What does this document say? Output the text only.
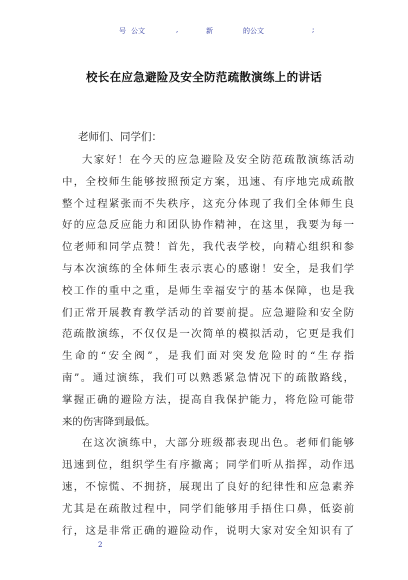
号 公文	,	新	的公文	;
校长在应急避险及安全防范疏散演练上的讲话
老师们、同学们：
大家好！在今天的应急避险及安全防范疏散演练活动
中，全校师生能够按照预定方案，迅速、有序地完成疏散
整个过程紧张而不失秩序，这充分体现了我们全体师生良
好的应急反应能力和团队协作精神，在这里，我要为每一
位老师和同学点赞！首先，我代表学校，向精心组织和参
与本次演练的全体师生表示衷心的感谢！安全，是我们学
校工作的重中之重，是师生幸福安宁的基本保障，也是我
们正常开展教育教学活动的首要前提。应急避险和安全防
范疏散演练，不仅仅是一次简单的模拟活动，它更是我们
生命的“安全阀”，是我们面对突发危险时的“生存指
南”。通过演练，我们可以熟悉紧急情况下的疏散路线，
掌握正确的避险方法，提高自我保护能力，将危险可能带
来的伤害降到最低。
在这次演练中，大部分班级都表现出色。老师们能够
迅速到位，组织学生有序撤离；同学们听从指挥，动作迅
速，不惊慌、不拥挤，展现出了良好的纪律性和应急素养
尤其是在疏散过程中，同学们能够用手捂住口鼻，低姿前
行，这是非常正确的避险动作，说明大家对安全知识有了
2
